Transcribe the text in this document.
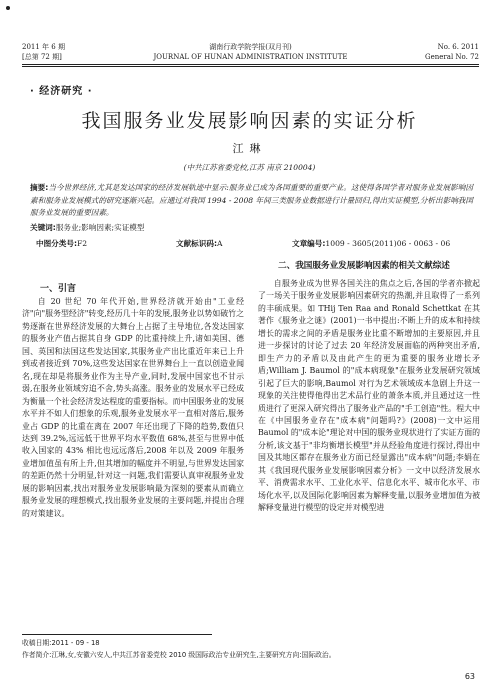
2011 年 6 期
[总第 72 期]
湖南行政学院学报(双月刊)
JOURNAL OF HUNAN ADMINISTRATION INSTITUTE
No. 6. 2011
General No. 72
· 经济研究 ·
我国服务业发展影响因素的实证分析
江琳
(中共江苏省委党校,江苏 南京 210004)
摘要:当今世界经济,尤其是发达国家的经济发展轨迹中显示:服务业已成为各国重要的重要产业。这使得各国学者对服务业发展影响因素和服务业发展模式的研究逐渐兴起。应通过对我国 1994 - 2008 年间三类服务业数据进行计量回归,得出实证模型,分析出影响我国服务业发展的重要因素。
关键词:服务业;影响因素;实证模型
中图分类号:F2	文献标识码:A	文章编号:1009 - 3605(2011)06 - 0063 - 06
一、引言

自 20 世纪 70 年代开始,世界经济就开始由"工业经济"向"服务型经济"转变,经历几十年的发展,服务业以势如破竹之势逐渐在世界经济发展的大舞台上占据了主导地位,各发达国家的服务业产值占据其自身 GDP 的比重持续上升,诸如美国、德国、英国和法国这些发达国家,其服务业产出比重近年来已上升到或者接近到 70%,这些发达国家在世界舞台上一直以创造业闻名,现在却是将服务业作为主导产业,同时,发展中国家也不甘示弱,在服务业领域穷追不舍,势头高涨。服务业的发展水平已经成为衡量一个社会经济发达程度的重要指标。而中国服务业的发展水平并不如人们想象的乐观,服务业发展水平一直相对落后,服务业占 GDP 的比重在离在 2007 年还出现了下降的趋势,数值只达到 39.2%,远远低于世界平均水平数值 68%,甚至与世界中低收入国家的 43% 相比也远远落后,2008 年以及 2009 年服务业增加值虽有所上升,但其增加的幅度并不明显,与世界发达国家的差距仍然十分明显,针对这一问题,我们需要认真审视服务业发展的影响因素,找出对服务业发展影响最为深刻的要素从而确立服务业发展的理想模式,找出服务业发展的主要问题,并提出合理的对策建议。

二、我国服务业发展影响因素的相关文献综述

自服务业成为世界各国关注的焦点之后,各国的学者亦掀起了一场关于服务业发展影响因素研究的热潮,并且取得了一系列的丰硕成果。如 THij Ten Raa and Ronald Schettkat 在其著作《服务业之谜》(2001)一书中提出:不断上升的成本和持续增长的需求之间的矛盾是服务业比重不断增加的主要原因,并且进一步探讨的讨论了过去 20 年经济发展面临的两种突出矛盾,即生产力的矛盾以及由此产生的更为重要的服务业增长矛盾;William J. Baumol 的"成本病现象"在服务业发展研究领域引起了巨大的影响,Baumol 对行为艺术领域成本急剧上升这一现象的关注使得他得出艺术品行业的萧条本质,并且通过这一性质进行了更深入研究得出了服务业产品的"手工创造"性。程大中在《中国服务业存在"成本病"问题吗?》(2008)一文中运用 Baumol 的"成本论"理论对中国的服务业现状进行了实证方面的分析,该文基于"非均衡增长模型"并从经验角度进行探讨,得出中国及其地区都存在服务业方面已经显露出"成本病"问题;李娟在其《我国现代服务业发展影响因素分析》一文中以经济发展水平、消费需求水平、工业化水平、信息化水平、城市化水平、市场化水平,以及国际化影响因素为解释变量,以服务业增加值为被解释变量进行模型的设定并对模型进

收稿日期:2011 - 09 - 18
作者简介:江琳,女,安徽六安人,中共江苏省委党校 2010 级国际政治专业研究生,主要研究方向:国际政治。
63
